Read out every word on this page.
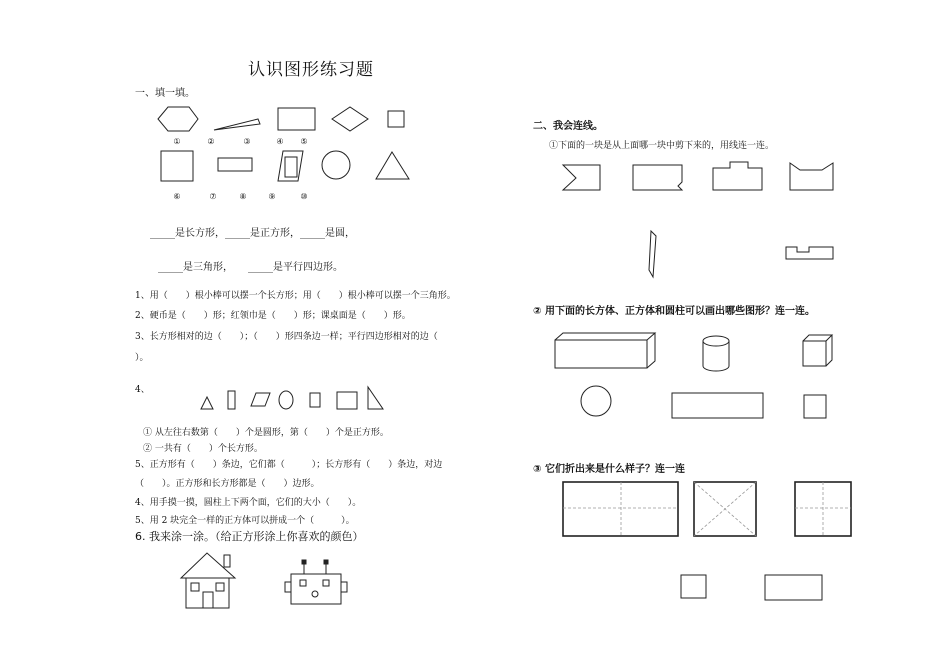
认识图形练习题
一、填一填。
①	②	③	④	⑤
⑥	⑦	⑧	⑨	⑩
_____是长方形，_____是正方形，_____是圆，
_____是三角形，　　_____是平行四边形。
1、用（　　）根小棒可以摆一个长方形；用（　　）根小棒可以摆一个三角形。
2、硬币是（　　）形；红领巾是（　　）形；课桌面是（　　）形。
3、长方形相对的边（　　）；（　　）形四条边一样；平行四边形相对的边（
）。
4、
① 从左往右数第（　　）个是圆形，第（　　）个是正方形。
② 一共有（　　）个长方形。
5、正方形有（　　）条边，它们都（　　　）；长方形有（　　）条边，对边
（　　）。正方形和长方形都是（　　）边形。
4、用手摸一摸，圆柱上下两个面，它们的大小（　　）。
5、用 2 块完全一样的正方体可以拼成一个（　　　）。
6. 我来涂一涂。（给正方形涂上你喜欢的颜色）
二、我会连线。
①下面的一块是从上面哪一块中剪下来的，用线连一连。
② 用下面的长方体、正方体和圆柱可以画出哪些图形？连一连。
③ 它们折出来是什么样子？连一连
